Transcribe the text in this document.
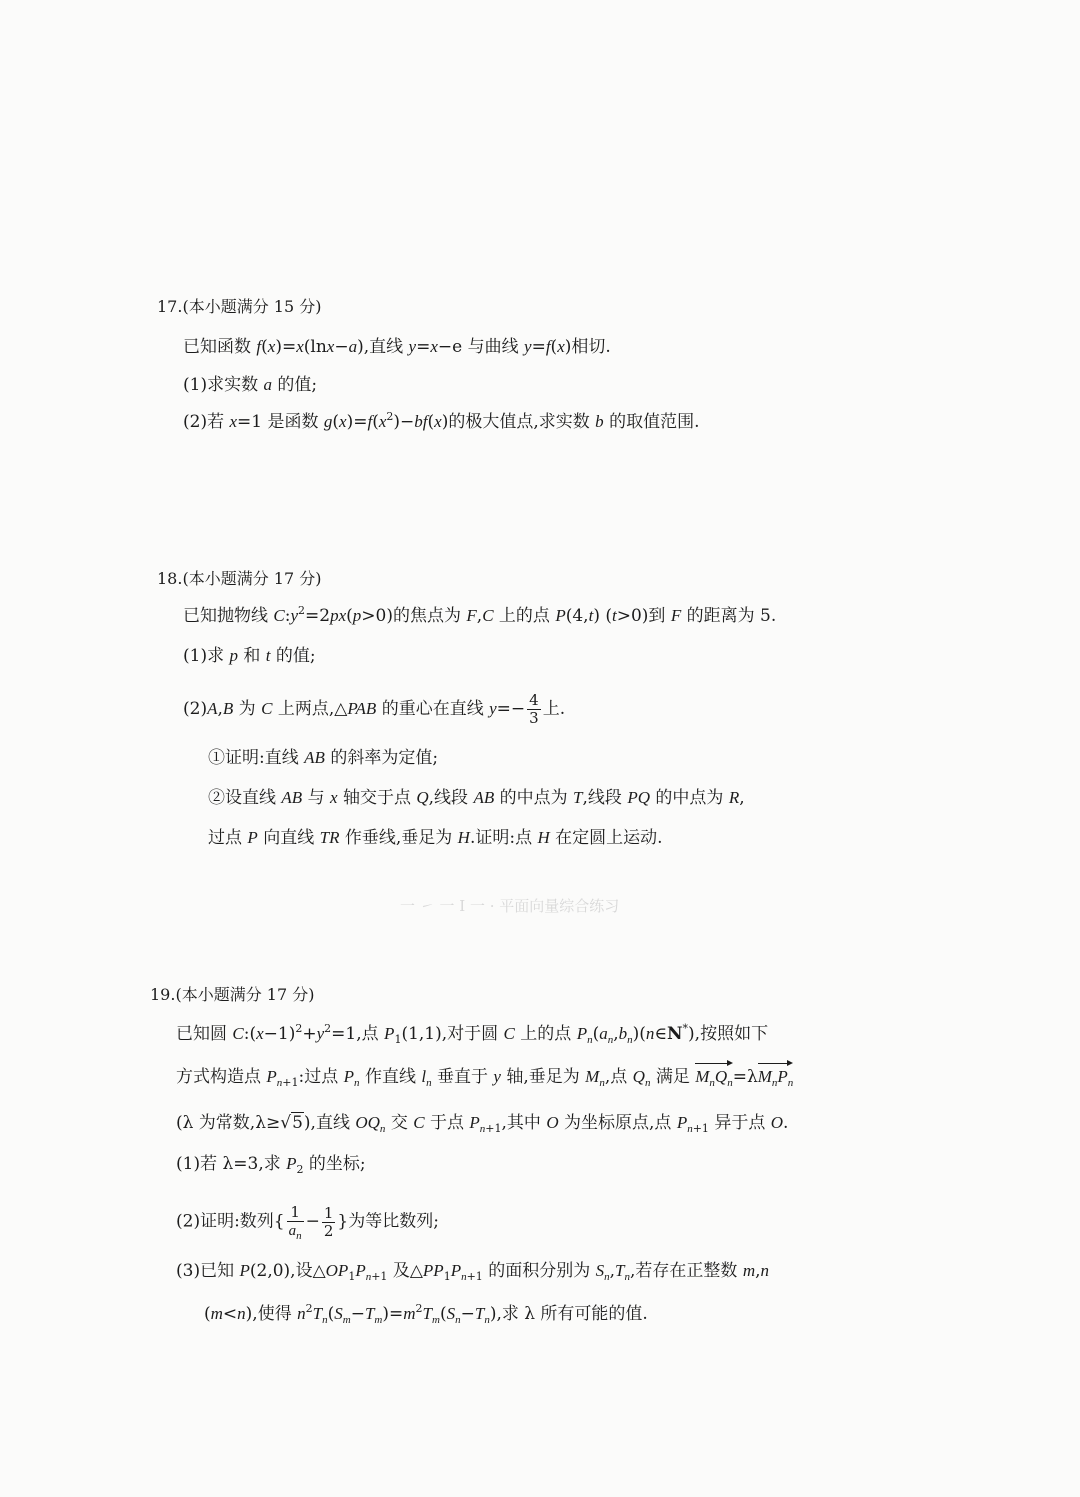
17.(本小题满分 15 分)
已知函数 f(x)=x(lnx−a),直线 y=x−e 与曲线 y=f(x)相切.
(1)求实数 a 的值;
(2)若 x=1 是函数 $g(x)=f(x^2)-bf(x)$的极大值点,求实数 b 的取值范围.
18.(本小题满分 17 分)
已知抛物线 $C:y^2=2px(p>0)$的焦点为 F,C 上的点 P(4,t) (t>0)到 F 的距离为 5.
(1)求 p 和 t 的值;
(2)A,B 为 C 上两点,△PAB 的重心在直线 $y=- \frac{4}{3}$ 上.
①证明:直线 AB 的斜率为定值;
②设直线 AB 与 x 轴交于点 Q,线段 AB 的中点为 T,线段 PQ 的中点为 R,
过点 P 向直线 TR 作垂线,垂足为 H.证明:点 H 在定圆上运动.
一 ㇀ 一 I 一 · 平面向量综合练习
19.(本小题满分 17 分)
已知圆 $C:(x-1)^2+y^2=1$,点 $P_1(1,1)$,对于圆 C 上的点 $P_n(a_n,b_n)(n\in N^*)$,按照如下
方式构造点 $P_{n+1}$:过点 $P_n$ 作直线 $l_n$ 垂直于 y 轴,垂足为 $M_n$,点 $Q_n$ 满足 $M_nQ_n=\lambda M_nP_n$
(λ 为常数,λ≥√5),直线 $OQ_n$ 交 C 于点 $P_{n+1}$,其中 O 为坐标原点,点 $P_{n+1}$ 异于点 O.
(1)若 λ=3,求 $P_2$ 的坐标;
(2)证明:数列{ $\frac{1}{a_n} - \frac{1}{2}$ }为等比数列;
(3)已知 P(2,0),设$\triangle OP_1P_{n+1}$ 及$\triangle PP_1P_{n+1}$ 的面积分别为 $S_n,T_n$,若存在正整数 m,n
(m<n),使得 $n^2T_n(S_m-T_m)=m^2T_m(S_n-T_n)$,求 λ 所有可能的值.
